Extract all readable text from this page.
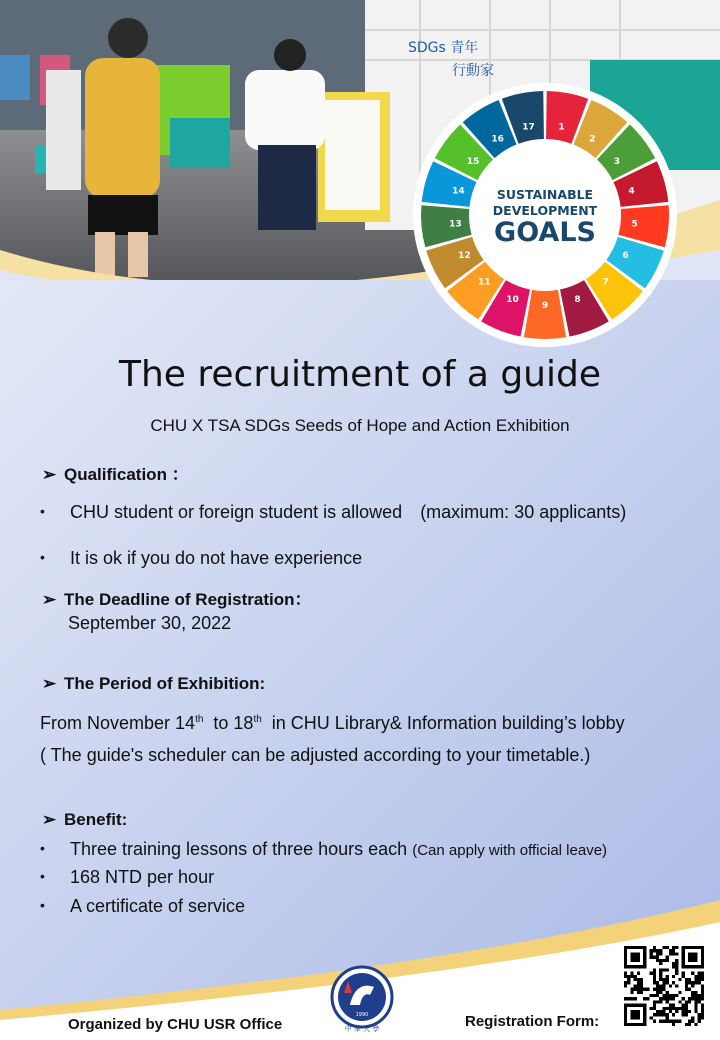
SDGs 青年
行動家
1
2
3
4
5
6
7
8
9
10
11
12
13
14
15
16
17
SUSTAINABLE
DEVELOPMENT
GOALS
The recruitment of a guide
CHU X TSA SDGs Seeds of Hope and Action Exhibition
➢ Qualification ：
• CHU student or foreign student is allowed (maximum: 30 applicants)
• It is ok if you do not have experience
➢ The Deadline of Registration：
September 30, 2022
➢ The Period of Exhibition:
From November 14th  to 18th  in CHU Library& Information building’s lobby
( The guide's scheduler can be adjusted according to your timetable.)
➢ Benefit:
• Three training lessons of three hours each (Can apply with official leave)
• 168 NTD per hour
• A certificate of service
1990
中 華 大 學
Organized by CHU USR Office	Registration Form:
